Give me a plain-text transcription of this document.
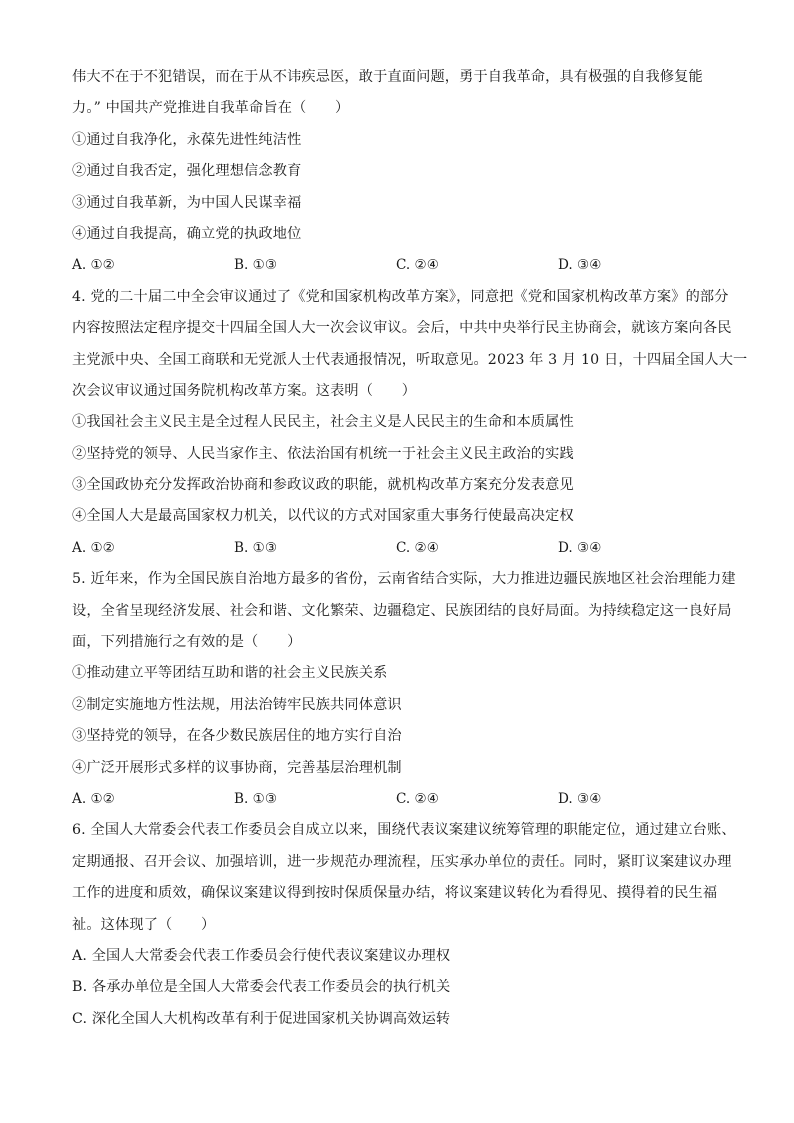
伟大不在于不犯错误，而在于从不讳疾忌医，敢于直面问题，勇于自我革命，具有极强的自我修复能
力。” 中国共产党推进自我革命旨在（　　）
①通过自我净化，永葆先进性纯洁性
②通过自我否定，强化理想信念教育
③通过自我革新，为中国人民谋幸福
④通过自我提高，确立党的执政地位
A. ①②	B. ①③	C. ②④	D. ③④
4. 党的二十届二中全会审议通过了《党和国家机构改革方案》，同意把《党和国家机构改革方案》的部分
内容按照法定程序提交十四届全国人大一次会议审议。会后，中共中央举行民主协商会，就该方案向各民
主党派中央、全国工商联和无党派人士代表通报情况，听取意见。2023 年 3 月 10 日，十四届全国人大一
次会议审议通过国务院机构改革方案。这表明（　　）
①我国社会主义民主是全过程人民民主，社会主义是人民民主的生命和本质属性
②坚持党的领导、人民当家作主、依法治国有机统一于社会主义民主政治的实践
③全国政协充分发挥政治协商和参政议政的职能，就机构改革方案充分发表意见
④全国人大是最高国家权力机关，以代议的方式对国家重大事务行使最高决定权
A. ①②	B. ①③	C. ②④	D. ③④
5. 近年来，作为全国民族自治地方最多的省份，云南省结合实际，大力推进边疆民族地区社会治理能力建
设，全省呈现经济发展、社会和谐、文化繁荣、边疆稳定、民族团结的良好局面。为持续稳定这一良好局
面，下列措施行之有效的是（　　）
①推动建立平等团结互助和谐的社会主义民族关系
②制定实施地方性法规，用法治铸牢民族共同体意识
③坚持党的领导，在各少数民族居住的地方实行自治
④广泛开展形式多样的议事协商，完善基层治理机制
A. ①②	B. ①③	C. ②④	D. ③④
6. 全国人大常委会代表工作委员会自成立以来，围绕代表议案建议统筹管理的职能定位，通过建立台账、
定期通报、召开会议、加强培训，进一步规范办理流程，压实承办单位的责任。同时，紧盯议案建议办理
工作的进度和质效，确保议案建议得到按时保质保量办结，将议案建议转化为看得见、摸得着的民生福
祉。这体现了（　　）
A. 全国人大常委会代表工作委员会行使代表议案建议办理权
B. 各承办单位是全国人大常委会代表工作委员会的执行机关
C. 深化全国人大机构改革有利于促进国家机关协调高效运转
